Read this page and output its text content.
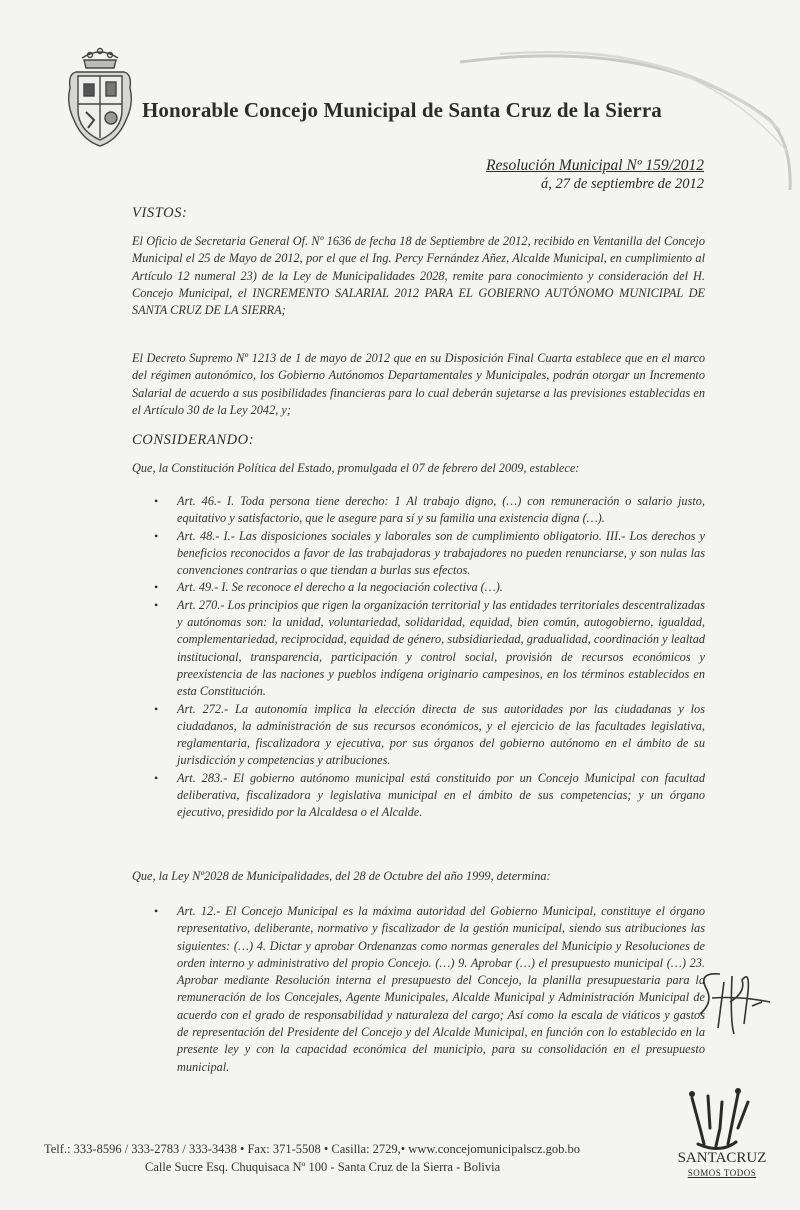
Honorable Concejo Municipal de Santa Cruz de la Sierra
Resolución Municipal Nº 159/2012
á, 27 de septiembre de 2012
VISTOS:

El Oficio de Secretaria General Of. Nº 1636 de fecha 18 de Septiembre de 2012, recibido en Ventanilla del Concejo Municipal el 25 de Mayo de 2012, por el que el Ing. Percy Fernández Añez, Alcalde Municipal, en cumplimiento al Artículo 12 numeral 23) de la Ley de Municipalidades 2028, remite para conocimiento y consideración del H. Concejo Municipal, el INCREMENTO SALARIAL 2012 PARA EL GOBIERNO AUTÓNOMO MUNICIPAL DE SANTA CRUZ DE LA SIERRA;

El Decreto Supremo Nº 1213 de 1 de mayo de 2012 que en su Disposición Final Cuarta establece que en el marco del régimen autonómico, los Gobierno Autónomos Departamentales y Municipales, podrán otorgar un Incremento Salarial de acuerdo a sus posibilidades financieras para lo cual deberán sujetarse a las previsiones establecidas en el Artículo 30 de la Ley 2042, y;

CONSIDERANDO:

Que, la Constitución Política del Estado, promulgada el 07 de febrero del 2009, establece:

• Art. 46.- I. Toda persona tiene derecho: 1 Al trabajo digno, (…) con remuneración o salario justo, equitativo y satisfactorio, que le asegure para sí y su familia una existencia digna (…).
• Art. 48.- I.- Las disposiciones sociales y laborales son de cumplimiento obligatorio. III.- Los derechos y beneficios reconocidos a favor de las trabajadoras y trabajadores no pueden renunciarse, y son nulas las convenciones contrarias o que tiendan a burlas sus efectos.
• Art. 49.- I. Se reconoce el derecho a la negociación colectiva (…).
• Art. 270.- Los principios que rigen la organización territorial y las entidades territoriales descentralizadas y autónomas son: la unidad, voluntariedad, solidaridad, equidad, bien común, autogobierno, igualdad, complementariedad, reciprocidad, equidad de género, subsidiariedad, gradualidad, coordinación y lealtad institucional, transparencia, participación y control social, provisión de recursos económicos y preexistencia de las naciones y pueblos indígena originario campesinos, en los términos establecidos en esta Constitución.
• Art. 272.- La autonomía implica la elección directa de sus autoridades por las ciudadanas y los ciudadanos, la administración de sus recursos económicos, y el ejercicio de las facultades legislativa, reglamentaria, fiscalizadora y ejecutiva, por sus órganos del gobierno autónomo en el ámbito de su jurisdicción y competencias y atribuciones.
• Art. 283.- El gobierno autónomo municipal está constituido por un Concejo Municipal con facultad deliberativa, fiscalizadora y legislativa municipal en el ámbito de sus competencias; y un órgano ejecutivo, presidido por la Alcaldesa o el Alcalde.

Que, la Ley Nº2028 de Municipalidades, del 28 de Octubre del año 1999, determina:

• Art. 12.- El Concejo Municipal es la máxima autoridad del Gobierno Municipal, constituye el órgano representativo, deliberante, normativo y fiscalizador de la gestión municipal, siendo sus atribuciones las siguientes: (…) 4. Dictar y aprobar Ordenanzas como normas generales del Municipio y Resoluciones de orden interno y administrativo del propio Concejo. (…) 9. Aprobar (…) el presupuesto municipal (…) 23. Aprobar mediante Resolución interna el presupuesto del Concejo, la planilla presupuestaria para la remuneración de los Concejales, Agente Municipales, Alcalde Municipal y Administración Municipal de acuerdo con el grado de responsabilidad y naturaleza del cargo; Así como la escala de viáticos y gastos de representación del Presidente del Concejo y del Alcalde Municipal, en función con lo establecido en la presente ley y con la capacidad económica del municipio, para su consolidación en el presupuesto municipal.
SANTACRUZ
SOMOS TODOS
Telf.: 333-8596 / 333-2783 / 333-3438 • Fax: 371-5508 • Casilla: 2729,• www.concejomunicipalscz.gob.bo
Calle Sucre Esq. Chuquisaca Nº 100 - Santa Cruz de la Sierra - Bolivia
